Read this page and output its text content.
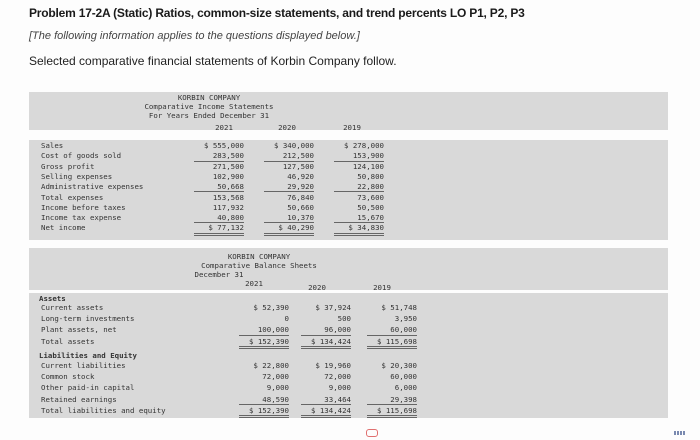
Problem 17-2A (Static) Ratios, common-size statements, and trend percents LO P1, P2, P3
[The following information applies to the questions displayed below.]
Selected comparative financial statements of Korbin Company follow.
KORBIN COMPANY
Comparative Income Statements
For Years Ended December 31
2021	2020	2019
Sales	$ 555,000	$ 340,000	$ 278,000
Cost of goods sold	283,500	212,500	153,900
Gross profit	271,500	127,500	124,100
Selling expenses	102,900	46,920	50,800
Administrative expenses	50,668	29,920	22,800
Total expenses	153,568	76,840	73,600
Income before taxes	117,932	50,660	50,500
Income tax expense	40,800	10,370	15,670
Net income	$ 77,132	$ 40,290	$ 34,830
KORBIN COMPANY
Comparative Balance Sheets
December 31
2021	2020	2019
Assets
Current assets	$ 52,390	$ 37,924	$ 51,748
Long-term investments	0	500	3,950
Plant assets, net	100,000	96,000	60,000
Total assets	$ 152,390	$ 134,424	$ 115,698
Liabilities and Equity
Current liabilities	$ 22,800	$ 19,960	$ 20,300
Common stock	72,000	72,000	60,000
Other paid-in capital	9,000	9,000	6,000
Retained earnings	48,590	33,464	29,398
Total liabilities and equity	$ 152,390	$ 134,424	$ 115,698
